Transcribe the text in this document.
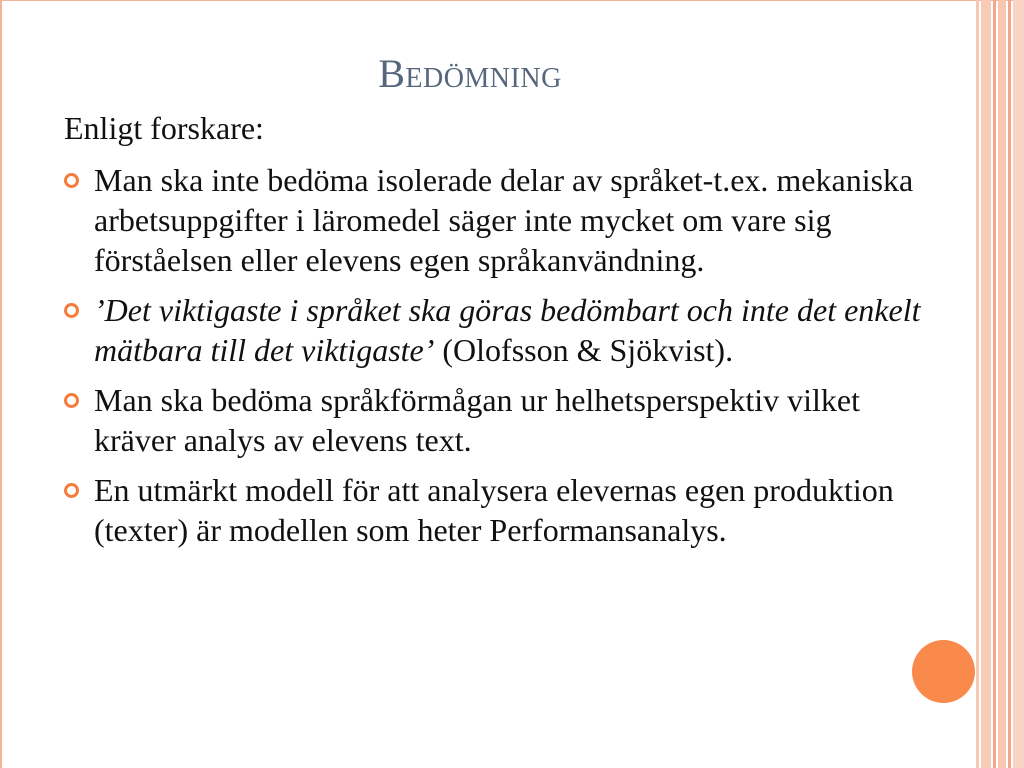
Bedömning
Enligt forskare:
Man ska inte bedöma isolerade delar av språket-t.ex. mekaniska arbetsuppgifter i läromedel säger inte mycket om vare sig förståelsen eller elevens egen språkanvändning.
’Det viktigaste i språket ska göras bedömbart och inte det enkelt mätbara till det viktigaste’ (Olofsson & Sjökvist).
Man ska bedöma språkförmågan ur helhetsperspektiv vilket kräver analys av elevens text.
En utmärkt modell för att analysera elevernas egen produktion (texter) är modellen som heter Performansanalys.
